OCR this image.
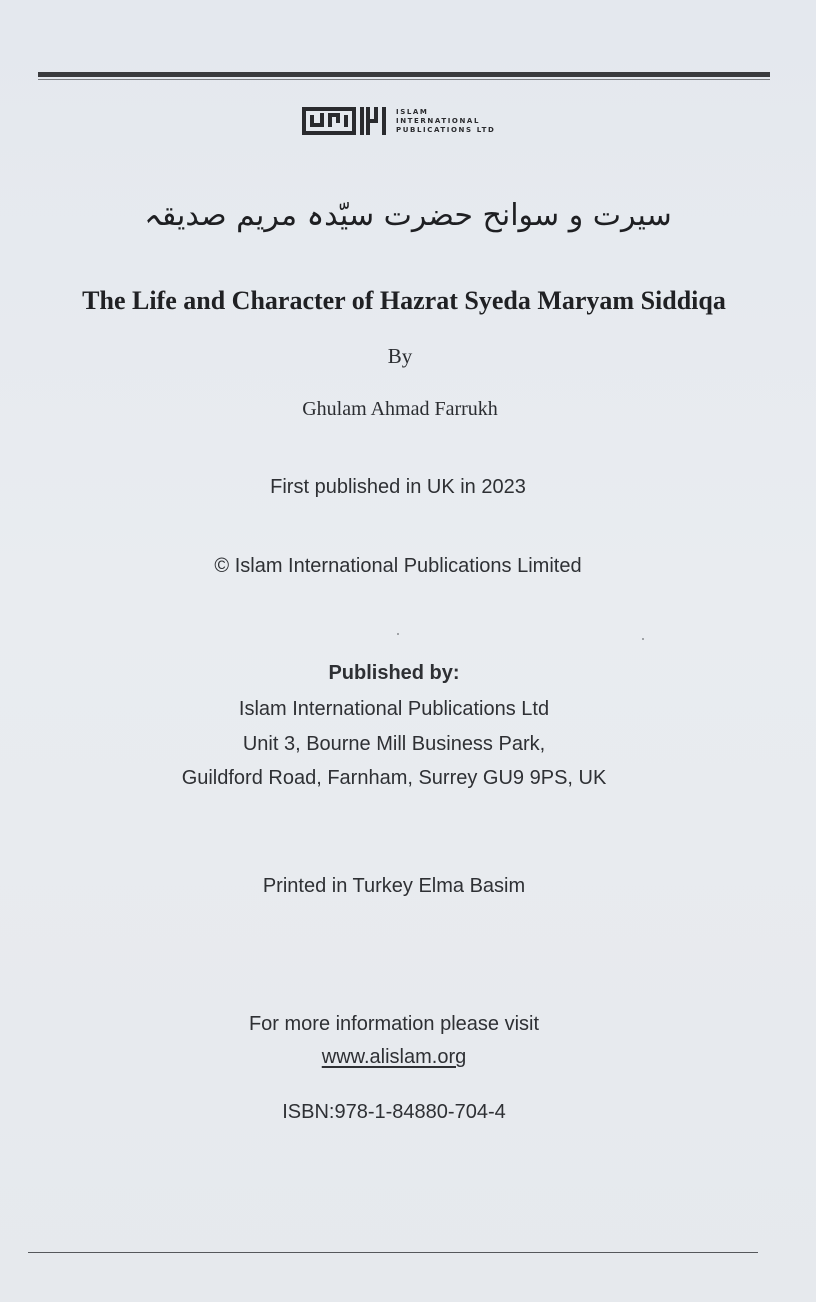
ISLAM
INTERNATIONAL
PUBLICATIONS LTD
سیرت و سوانح حضرت سیّدہ مریم صدیقہ
The Life and Character of Hazrat Syeda Maryam Siddiqa
By
Ghulam Ahmad Farrukh
First published in UK in 2023
© Islam International Publications Limited
Published by:
Islam International Publications Ltd
Unit 3, Bourne Mill Business Park,
Guildford Road, Farnham, Surrey GU9 9PS, UK
Printed in Turkey Elma Basim
For more information please visit
www.alislam.org
ISBN:978-1-84880-704-4
